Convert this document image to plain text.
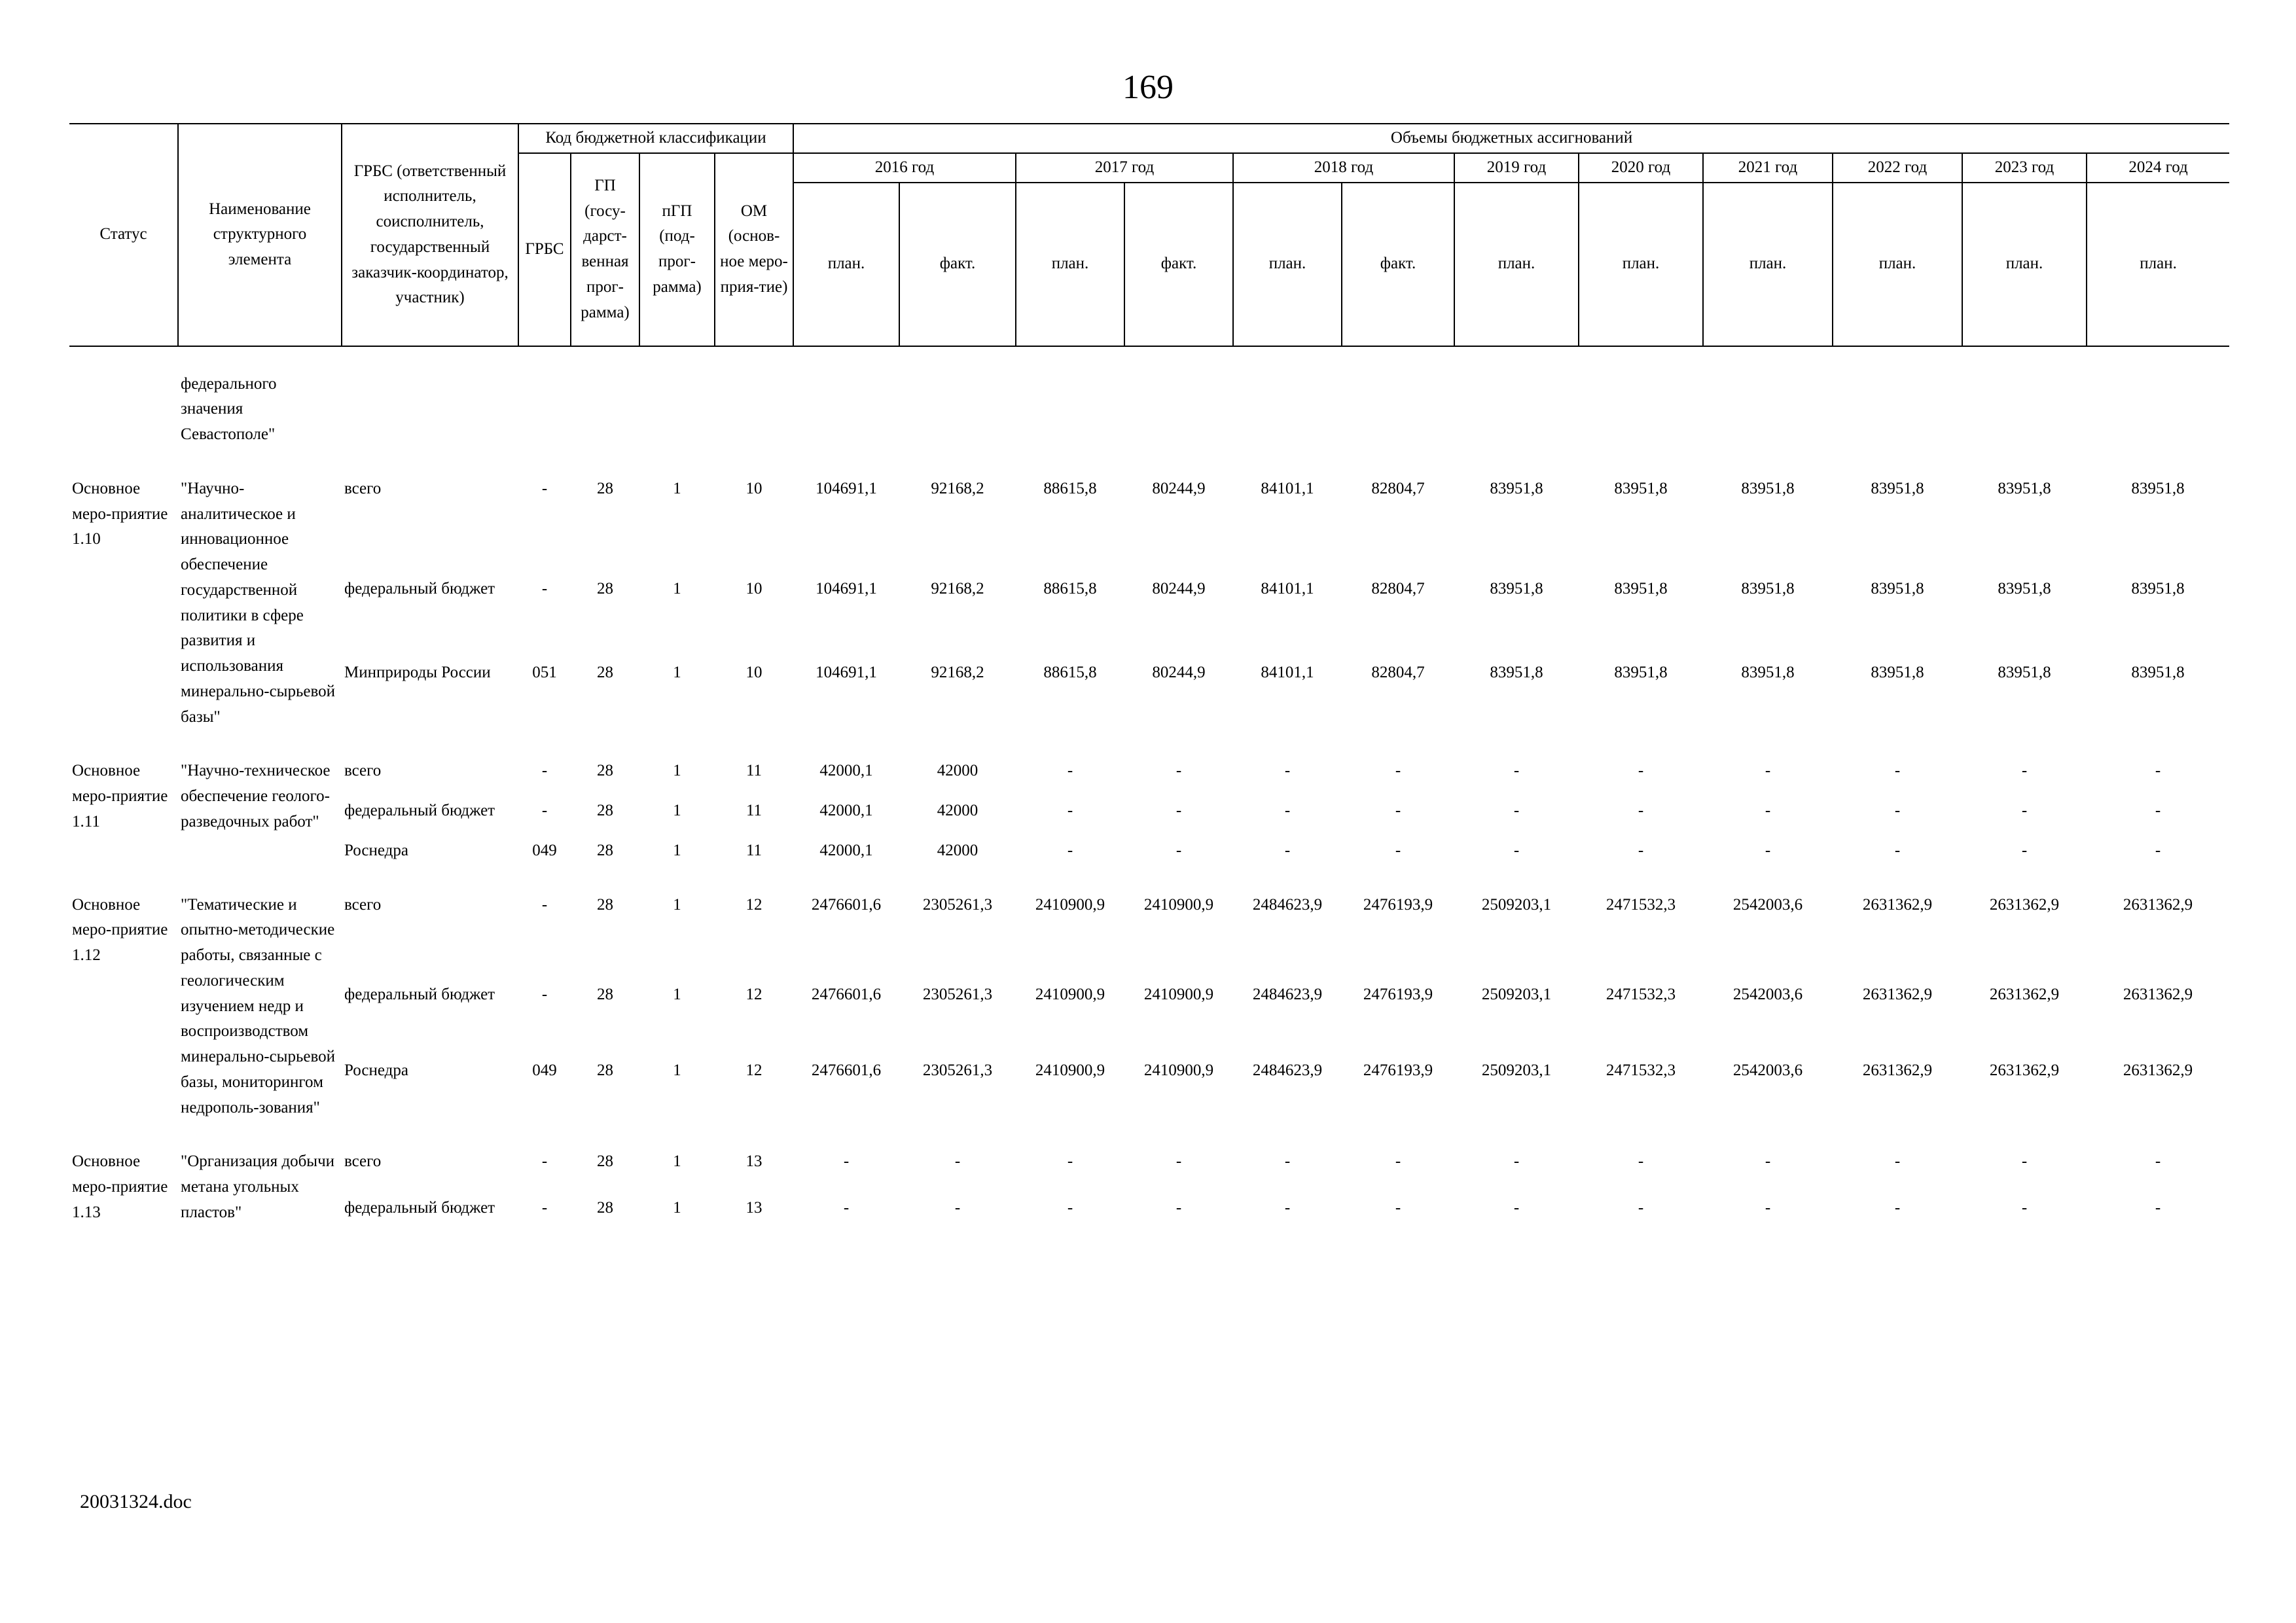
169
Статус	Наименование структурного элемента	ГРБС (ответственный исполнитель, соисполнитель, государственный заказчик-координатор, участник)	Код бюджетной классификации				Объемы бюджетных ассигнований											
			ГРБС	ГП (госу-дарст-венная прог-рамма)	пГП (под-прог-рамма)	ОМ (основ-ное меро-прия-тие)	2016 год		2017 год		2018 год		2019 год	2020 год	2021 год	2022 год	2023 год	2024 год
							план.	факт.	план.	факт.	план.	факт.	план.	план.	план.	план.	план.	план.
	федерального значения Севастополе"																	
Основное меро-приятие 1.10	"Научно-аналитическое и инновационное обеспечение государственной политики в сфере развития и использования минерально-сырьевой базы"	всего	-	28	1	10	104691,1	92168,2	88615,8	80244,9	84101,1	82804,7	83951,8	83951,8	83951,8	83951,8	83951,8	83951,8
		федеральный бюджет	-	28	1	10	104691,1	92168,2	88615,8	80244,9	84101,1	82804,7	83951,8	83951,8	83951,8	83951,8	83951,8	83951,8
		Минприроды России	051	28	1	10	104691,1	92168,2	88615,8	80244,9	84101,1	82804,7	83951,8	83951,8	83951,8	83951,8	83951,8	83951,8
Основное меро-приятие 1.11	"Научно-техническое обеспечение геолого-разведочных работ"	всего	-	28	1	11	42000,1	42000	-	-	-	-	-	-	-	-	-	-
		федеральный бюджет	-	28	1	11	42000,1	42000	-	-	-	-	-	-	-	-	-	-
		Роснедра	049	28	1	11	42000,1	42000	-	-	-	-	-	-	-	-	-	-
Основное меро-приятие 1.12	"Тематические и опытно-методические работы, связанные с геологическим изучением недр и воспроизводством минерально-сырьевой базы, мониторингом недрополь-зования"	всего	-	28	1	12	2476601,6	2305261,3	2410900,9	2410900,9	2484623,9	2476193,9	2509203,1	2471532,3	2542003,6	2631362,9	2631362,9	2631362,9
		федеральный бюджет	-	28	1	12	2476601,6	2305261,3	2410900,9	2410900,9	2484623,9	2476193,9	2509203,1	2471532,3	2542003,6	2631362,9	2631362,9	2631362,9
		Роснедра	049	28	1	12	2476601,6	2305261,3	2410900,9	2410900,9	2484623,9	2476193,9	2509203,1	2471532,3	2542003,6	2631362,9	2631362,9	2631362,9
Основное меро-приятие 1.13	"Организация добычи метана угольных пластов"	всего	-	28	1	13	-	-	-	-	-	-	-	-	-	-	-	-
		федеральный бюджет	-	28	1	13	-	-	-	-	-	-	-	-	-	-	-	-
20031324.doc
